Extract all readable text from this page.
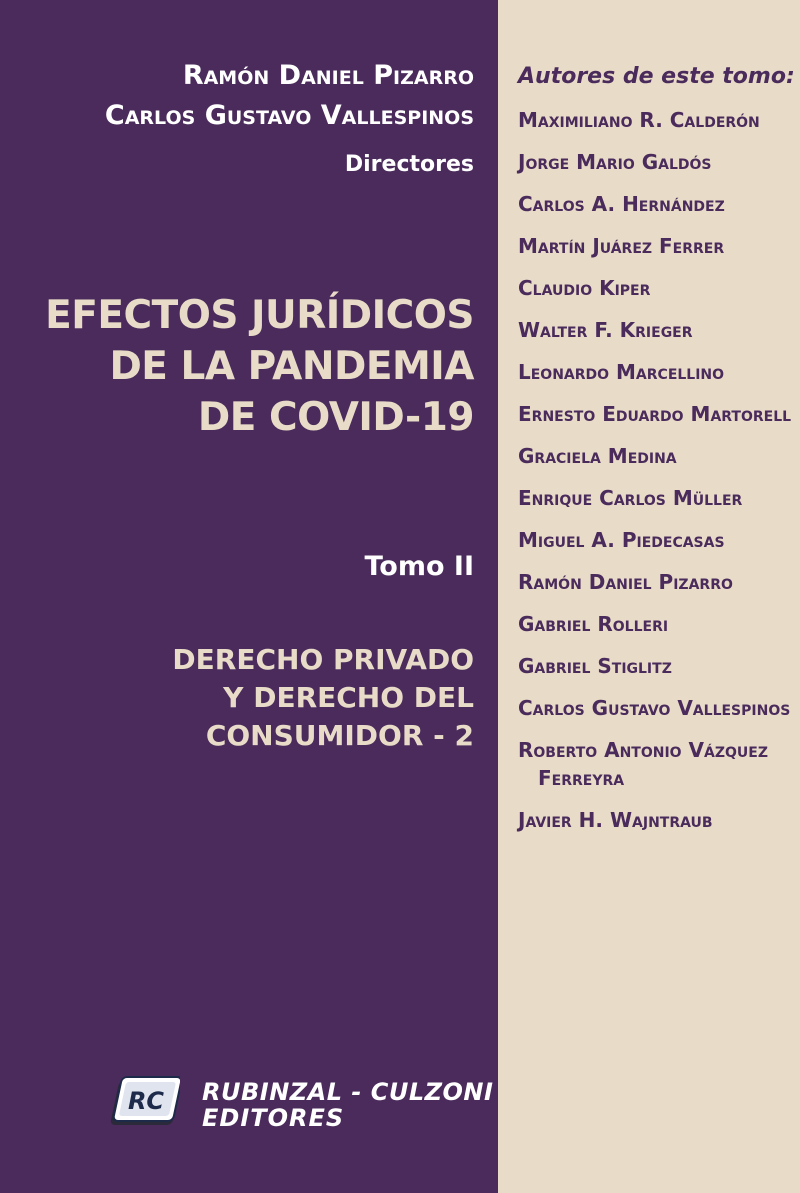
Ramón Daniel Pizarro
Carlos Gustavo Vallespinos
Directores
EFECTOS JURÍDICOS
DE LA PANDEMIA
DE COVID-19
Tomo II
DERECHO PRIVADO
Y DERECHO DEL
CONSUMIDOR - 2
RC RUBINZAL - CULZONI
EDITORES
Autores de este tomo:
Maximiliano R. Calderón
Jorge Mario Galdós
Carlos A. Hernández
Martín Juárez Ferrer
Claudio Kiper
Walter F. Krieger
Leonardo Marcellino
Ernesto Eduardo Martorell
Graciela Medina
Enrique Carlos Müller
Miguel A. Piedecasas
Ramón Daniel Pizarro
Gabriel Rolleri
Gabriel Stiglitz
Carlos Gustavo Vallespinos
Roberto Antonio Vázquez Ferreyra
Javier H. Wajntraub
